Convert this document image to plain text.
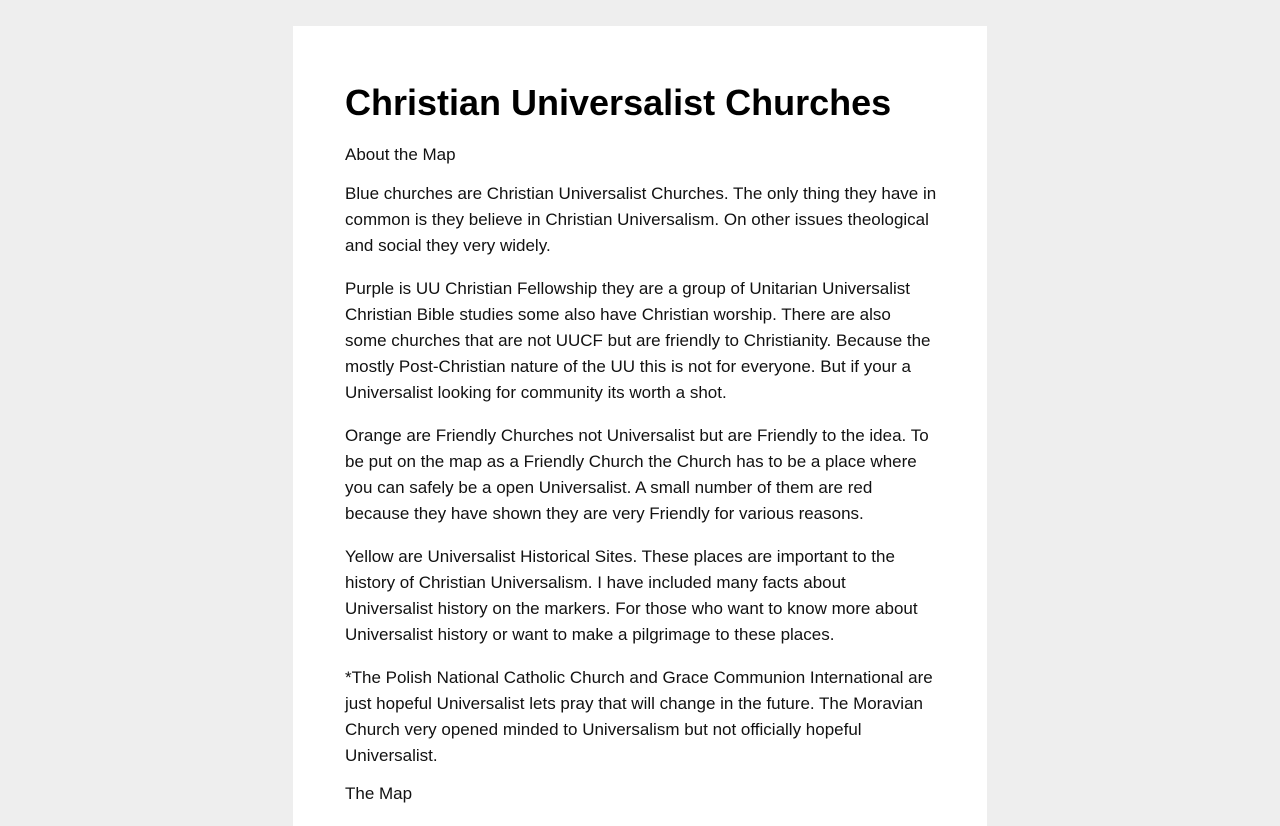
Christian Universalist Churches

About the Map

Blue churches are Christian Universalist Churches. The only thing they have in common is they believe in Christian Universalism. On other issues theological and social they very widely.

Purple is UU Christian Fellowship they are a group of Unitarian Universalist Christian Bible studies some also have Christian worship. There are also some churches that are not UUCF but are friendly to Christianity. Because the mostly Post-Christian nature of the UU this is not for everyone. But if your a Universalist looking for community its worth a shot.

Orange are Friendly Churches not Universalist but are Friendly to the idea. To be put on the map as a Friendly Church the Church has to be a place where you can safely be a open Universalist. A small number of them are red because they have shown they are very Friendly for various reasons.

Yellow are Universalist Historical Sites. These places are important to the history of Christian Universalism. I have included many facts about Universalist history on the markers. For those who want to know more about Universalist history or want to make a pilgrimage to these places.

*The Polish National Catholic Church and Grace Communion International are just hopeful Universalist lets pray that will change in the future. The Moravian Church very opened minded to Universalism but not officially hopeful Universalist.

The Map
